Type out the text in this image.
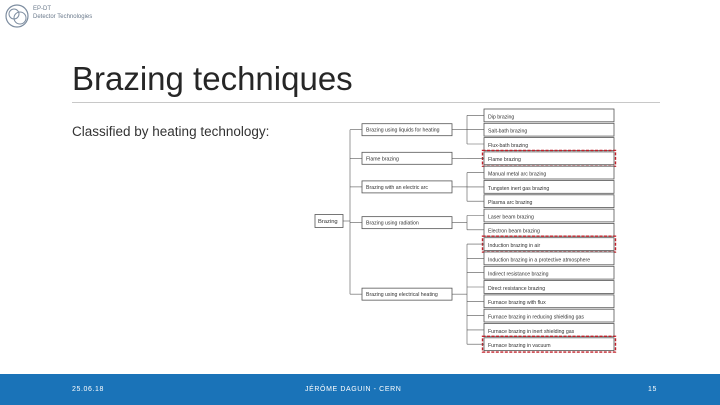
EP-DT
Detector Technologies
Brazing techniques
Classified by heating technology:
Dip brazing
Salt-bath brazing
Flux-bath brazing
Flame brazing
Manual metal arc brazing
Tungsten inert gas brazing
Plasma arc brazing
Laser beam brazing
Electron beam brazing
Induction brazing in air
Induction brazing in a protective atmosphere
Indirect resistance brazing
Direct resistance brazing
Furnace brazing with flux
Furnace brazing in reducing shielding gas
Furnace brazing in inert shielding gas
Furnace brazing in vacuum
Brazing using liquids for heating
Flame brazing
Brazing with an electric arc
Brazing using radiation
Brazing using electrical heating
Brazing
25.06.18	JÉRÔME DAGUIN - CERN	15
